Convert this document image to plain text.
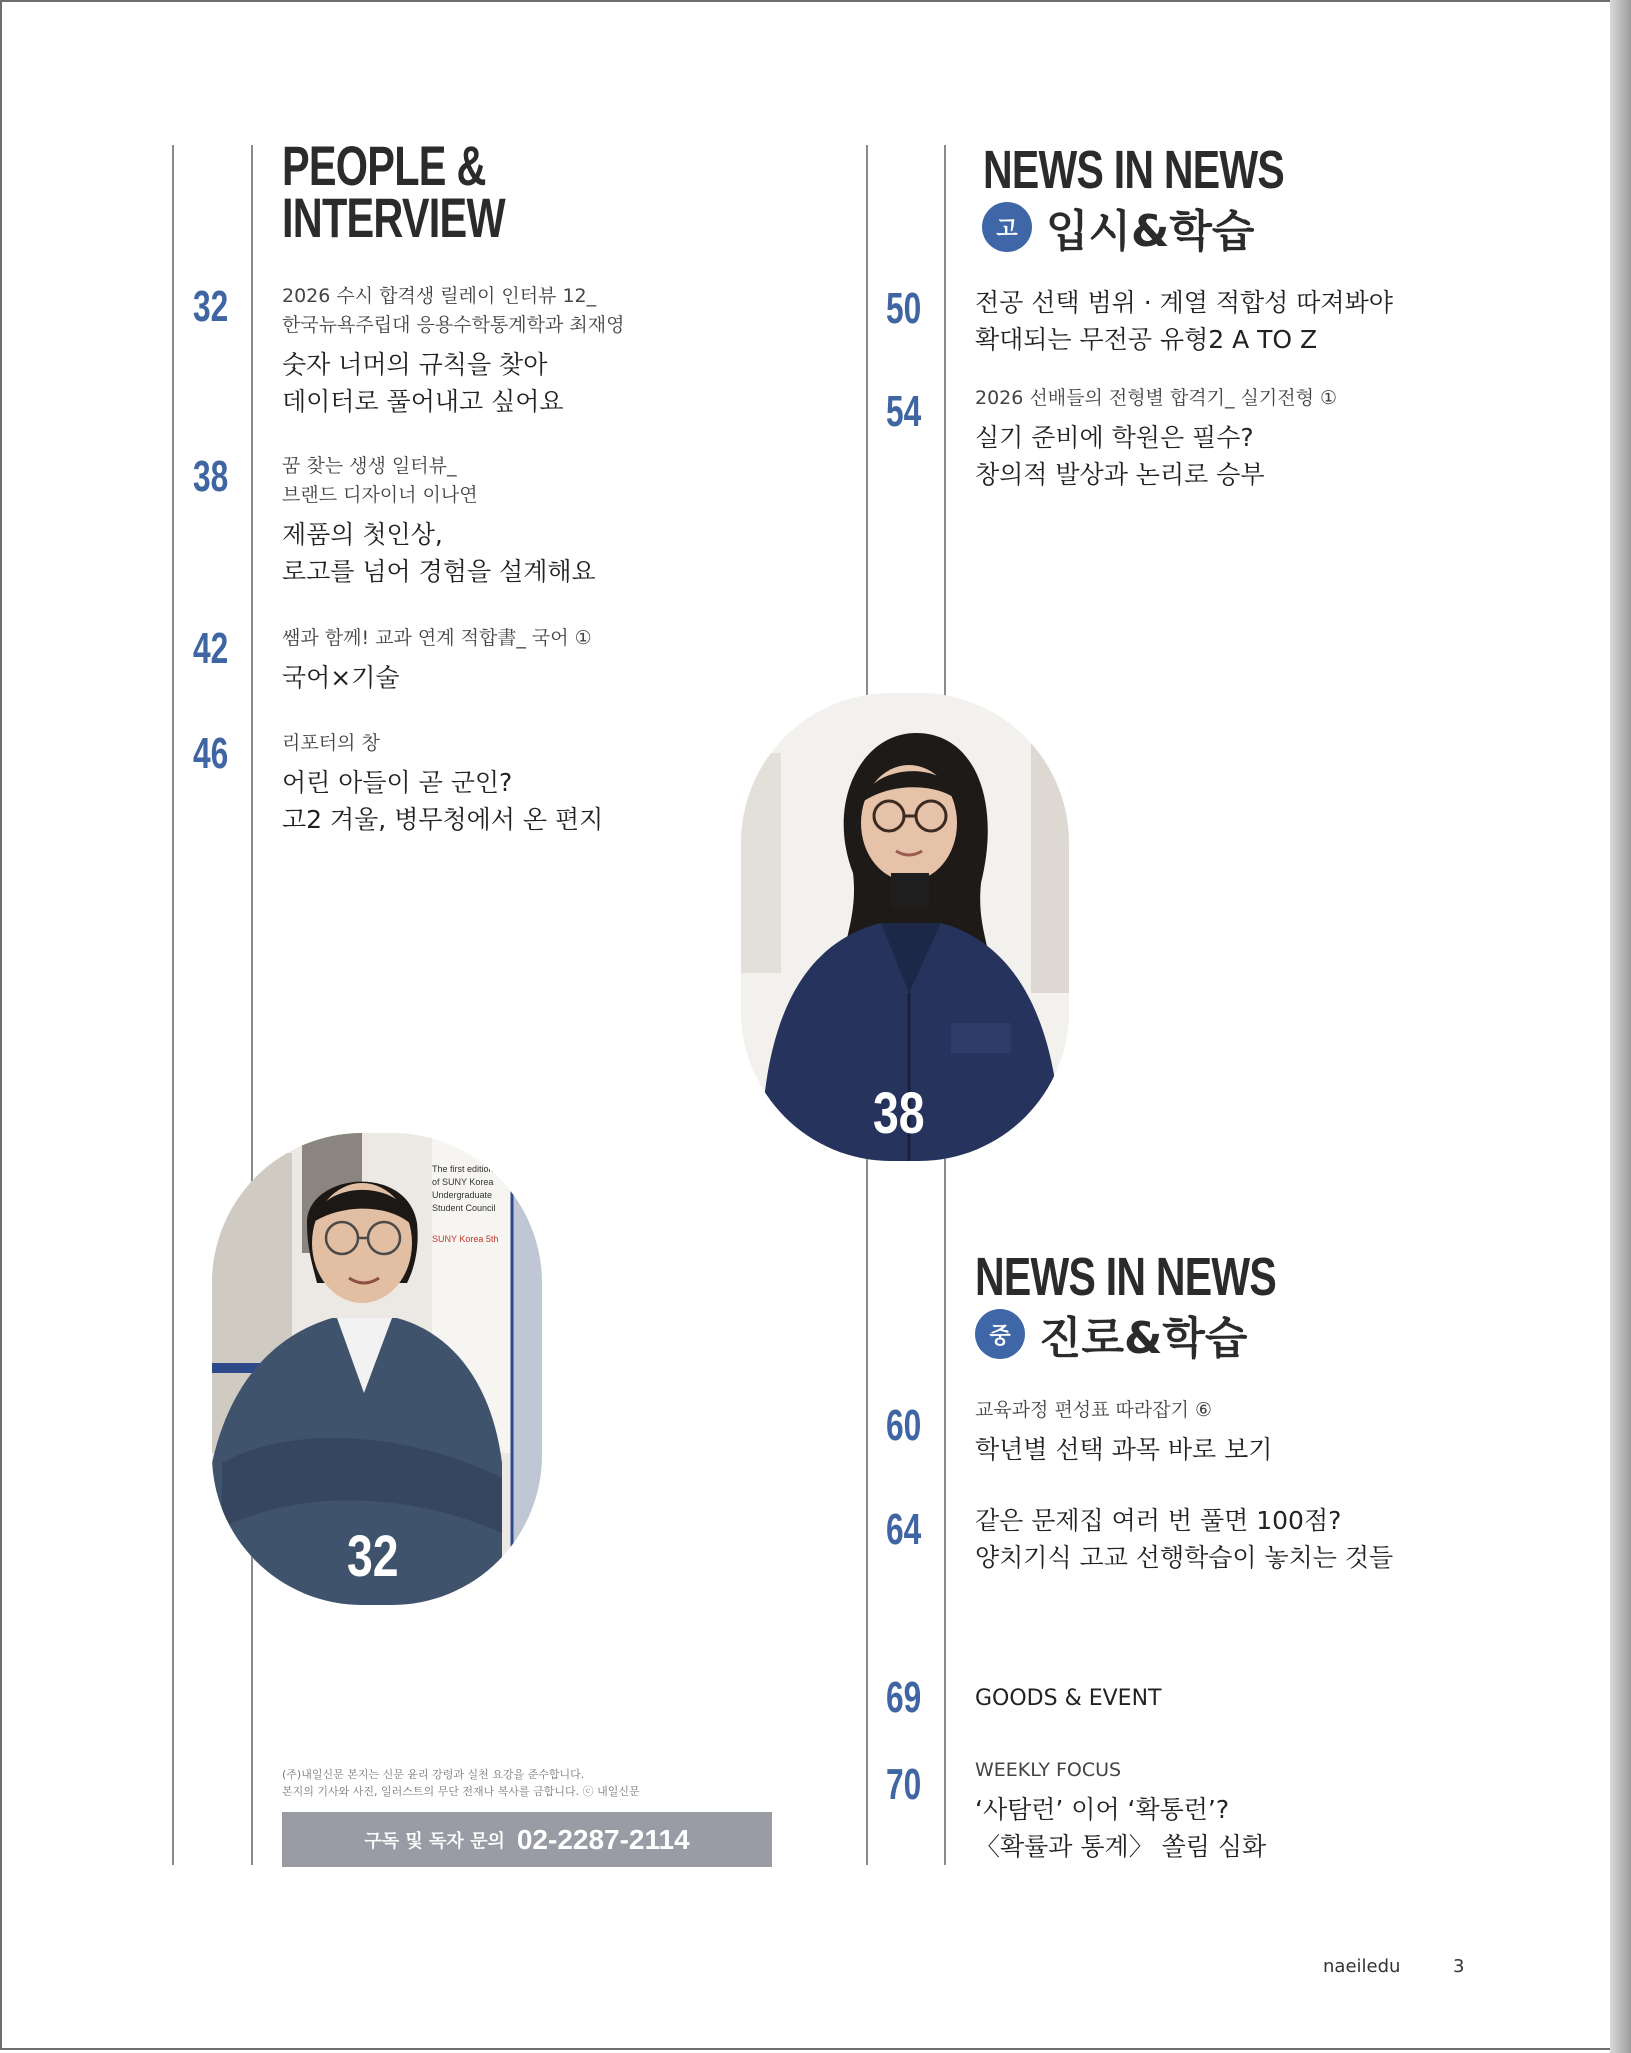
PEOPLE &
INTERVIEW
32	2026 수시 합격생 릴레이 인터뷰 12_
한국뉴욕주립대 응용수학통계학과 최재영
숫자 너머의 규칙을 찾아
데이터로 풀어내고 싶어요
38	꿈 찾는 생생 일터뷰_
브랜드 디자이너 이나연
제품의 첫인상,
로고를 넘어 경험을 설계해요
42	쌤과 함께! 교과 연계 적합書_ 국어 ①
국어×기술
46	리포터의 창
어린 아들이 곧 군인?
고2 겨울, 병무청에서 온 편지
NEWS IN NEWS
고 입시&학습
50 전공 선택 범위 · 계열 적합성 따져봐야
확대되는 무전공 유형2 A TO Z
54	2026 선배들의 전형별 합격기_ 실기전형 ①
실기 준비에 학원은 필수?
창의적 발상과 논리로 승부
38
NEWS IN NEWS
중 진로&학습
60	교육과정 편성표 따라잡기 ⑥
학년별 선택 과목 바로 보기
64 같은 문제집 여러 번 풀면 100점?
양치기식 고교 선행학습이 놓치는 것들
69 GOODS & EVENT
70	WEEKLY FOCUS
‘사탐런’ 이어 ‘확통런’?
〈확률과 통계〉 쏠림 심화
The first edition
of SUNY Korea
Undergraduate
Student Council
SUNY Korea 5th
32
(주)내일신문 본지는 신문 윤리 강령과 실천 요강을 준수합니다.
본지의 기사와 사진, 일러스트의 무단 전재나 복사를 금합니다. ⓒ 내일신문
구독 및 독자 문의 02-2287-2114
naeiledu	3
